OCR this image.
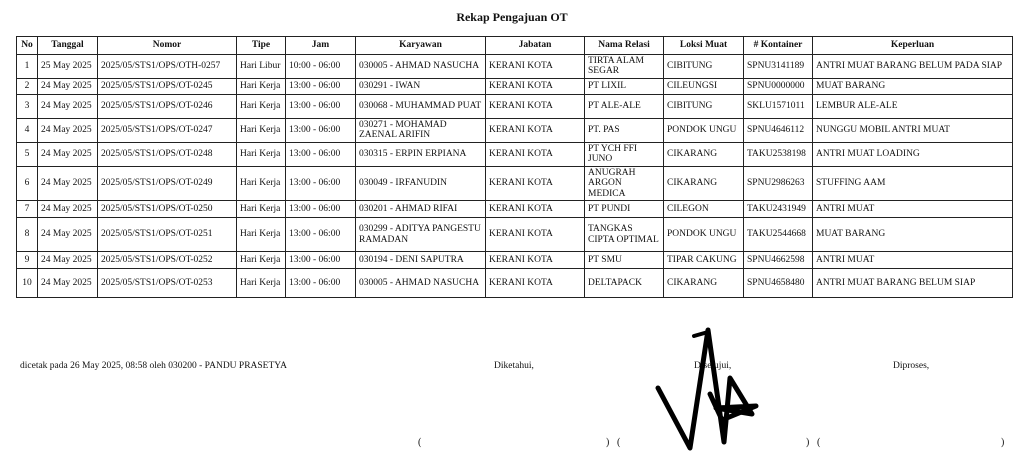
Rekap Pengajuan OT
No	Tanggal	Nomor	Tipe	Jam	Karyawan	Jabatan	Nama Relasi	Loksi Muat	# Kontainer	Keperluan
1	25 May 2025	2025/05/STS1/OPS/OTH-0257	Hari Libur	10:00 - 06:00	030005 - AHMAD NASUCHA	KERANI KOTA	TIRTA ALAM SEGAR	CIBITUNG	SPNU3141189	ANTRI MUAT BARANG BELUM PADA SIAP
2	24 May 2025	2025/05/STS1/OPS/OT-0245	Hari Kerja	13:00 - 06:00	030291 - IWAN	KERANI KOTA	PT LIXIL	CILEUNGSI	SPNU0000000	MUAT BARANG
3	24 May 2025	2025/05/STS1/OPS/OT-0246	Hari Kerja	13:00 - 06:00	030068 - MUHAMMAD PUAT	KERANI KOTA	PT ALE-ALE	CIBITUNG	SKLU1571011	LEMBUR ALE-ALE
4	24 May 2025	2025/05/STS1/OPS/OT-0247	Hari Kerja	13:00 - 06:00	030271 - MOHAMAD ZAENAL ARIFIN	KERANI KOTA	PT. PAS	PONDOK UNGU	SPNU4646112	NUNGGU MOBIL ANTRI MUAT
5	24 May 2025	2025/05/STS1/OPS/OT-0248	Hari Kerja	13:00 - 06:00	030315 - ERPIN ERPIANA	KERANI KOTA	PT YCH FFI JUNO	CIKARANG	TAKU2538198	ANTRI MUAT LOADING
6	24 May 2025	2025/05/STS1/OPS/OT-0249	Hari Kerja	13:00 - 06:00	030049 - IRFANUDIN	KERANI KOTA	ANUGRAH ARGON MEDICA	CIKARANG	SPNU2986263	STUFFING AAM
7	24 May 2025	2025/05/STS1/OPS/OT-0250	Hari Kerja	13:00 - 06:00	030201 - AHMAD RIFAI	KERANI KOTA	PT PUNDI	CILEGON	TAKU2431949	ANTRI MUAT
8	24 May 2025	2025/05/STS1/OPS/OT-0251	Hari Kerja	13:00 - 06:00	030299 - ADITYA PANGESTU RAMADAN	KERANI KOTA	TANGKAS CIPTA OPTIMAL	PONDOK UNGU	TAKU2544668	MUAT BARANG
9	24 May 2025	2025/05/STS1/OPS/OT-0252	Hari Kerja	13:00 - 06:00	030194 - DENI SAPUTRA	KERANI KOTA	PT SMU	TIPAR CAKUNG	SPNU4662598	ANTRI MUAT
10	24 May 2025	2025/05/STS1/OPS/OT-0253	Hari Kerja	13:00 - 06:00	030005 - AHMAD NASUCHA	KERANI KOTA	DELTAPACK	CIKARANG	SPNU4658480	ANTRI MUAT BARANG BELUM SIAP
dicetak pada 26 May 2025, 08:58 oleh 030200 - PANDU PRASETYA	Diketahui,	Disetujui,	Diproses,
(	) (	) (	)
